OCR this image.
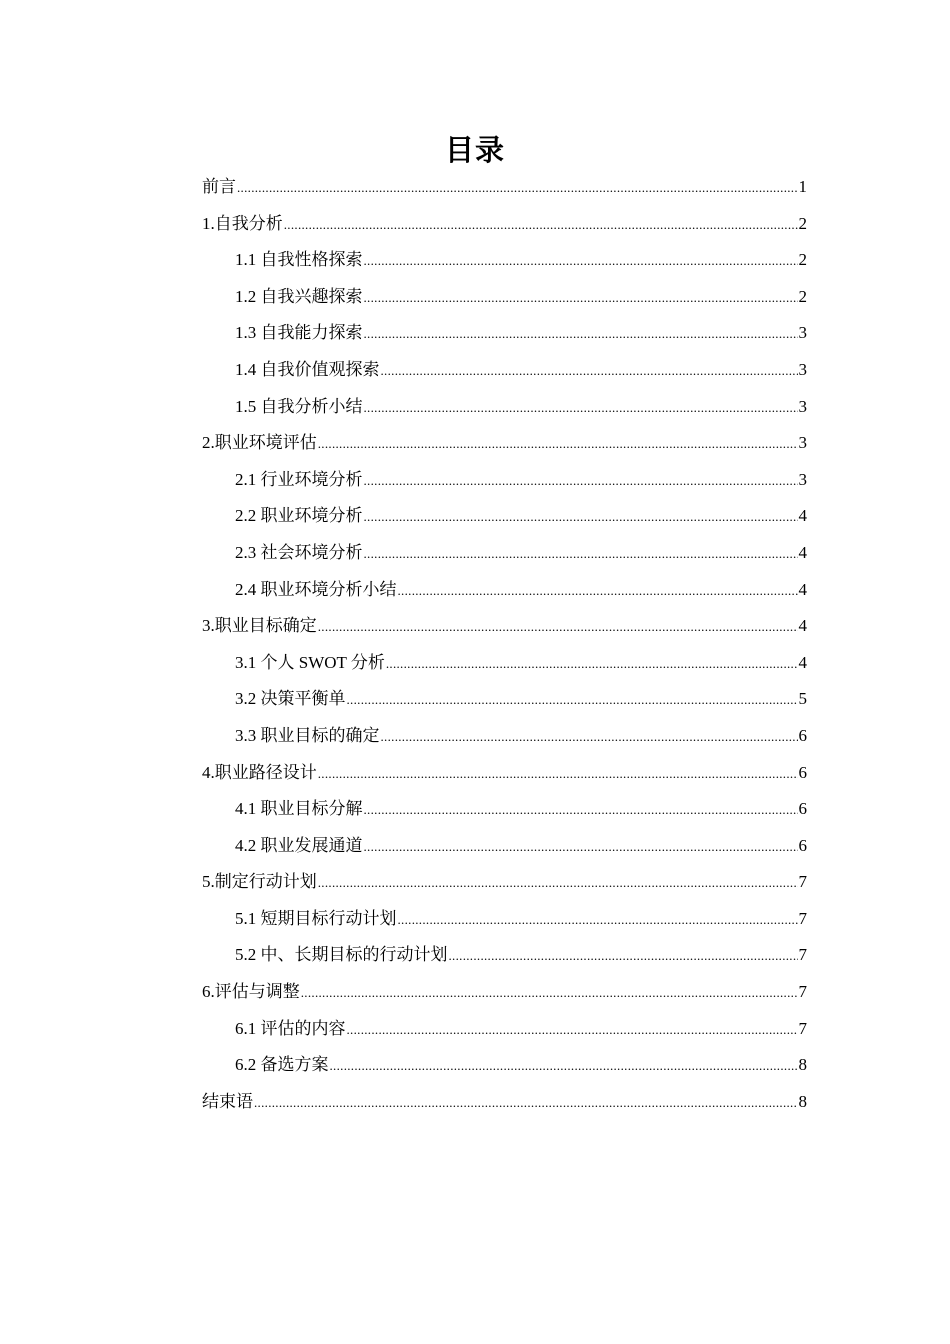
目录
前言 .....	1
1.自我分析 .....	2
1.1 自我性格探索 .....	2
1.2 自我兴趣探索 .....	2
1.3 自我能力探索 .....	3
1.4 自我价值观探索 .....	3
1.5 自我分析小结 .....	3
2.职业环境评估 .....	3
2.1 行业环境分析 .....	3
2.2 职业环境分析 .....	4
2.3 社会环境分析 .....	4
2.4 职业环境分析小结 .....	4
3.职业目标确定 .....	4
3.1 个人 SWOT 分析 .....	4
3.2 决策平衡单 .....	5
3.3 职业目标的确定 .....	6
4.职业路径设计 .....	6
4.1 职业目标分解 .....	6
4.2 职业发展通道 .....	6
5.制定行动计划 .....	7
5.1 短期目标行动计划 .....	7
5.2 中、长期目标的行动计划 .....	7
6.评估与调整 .....	7
6.1 评估的内容 .....	7
6.2 备选方案 .....	8
结束语 .....	8
